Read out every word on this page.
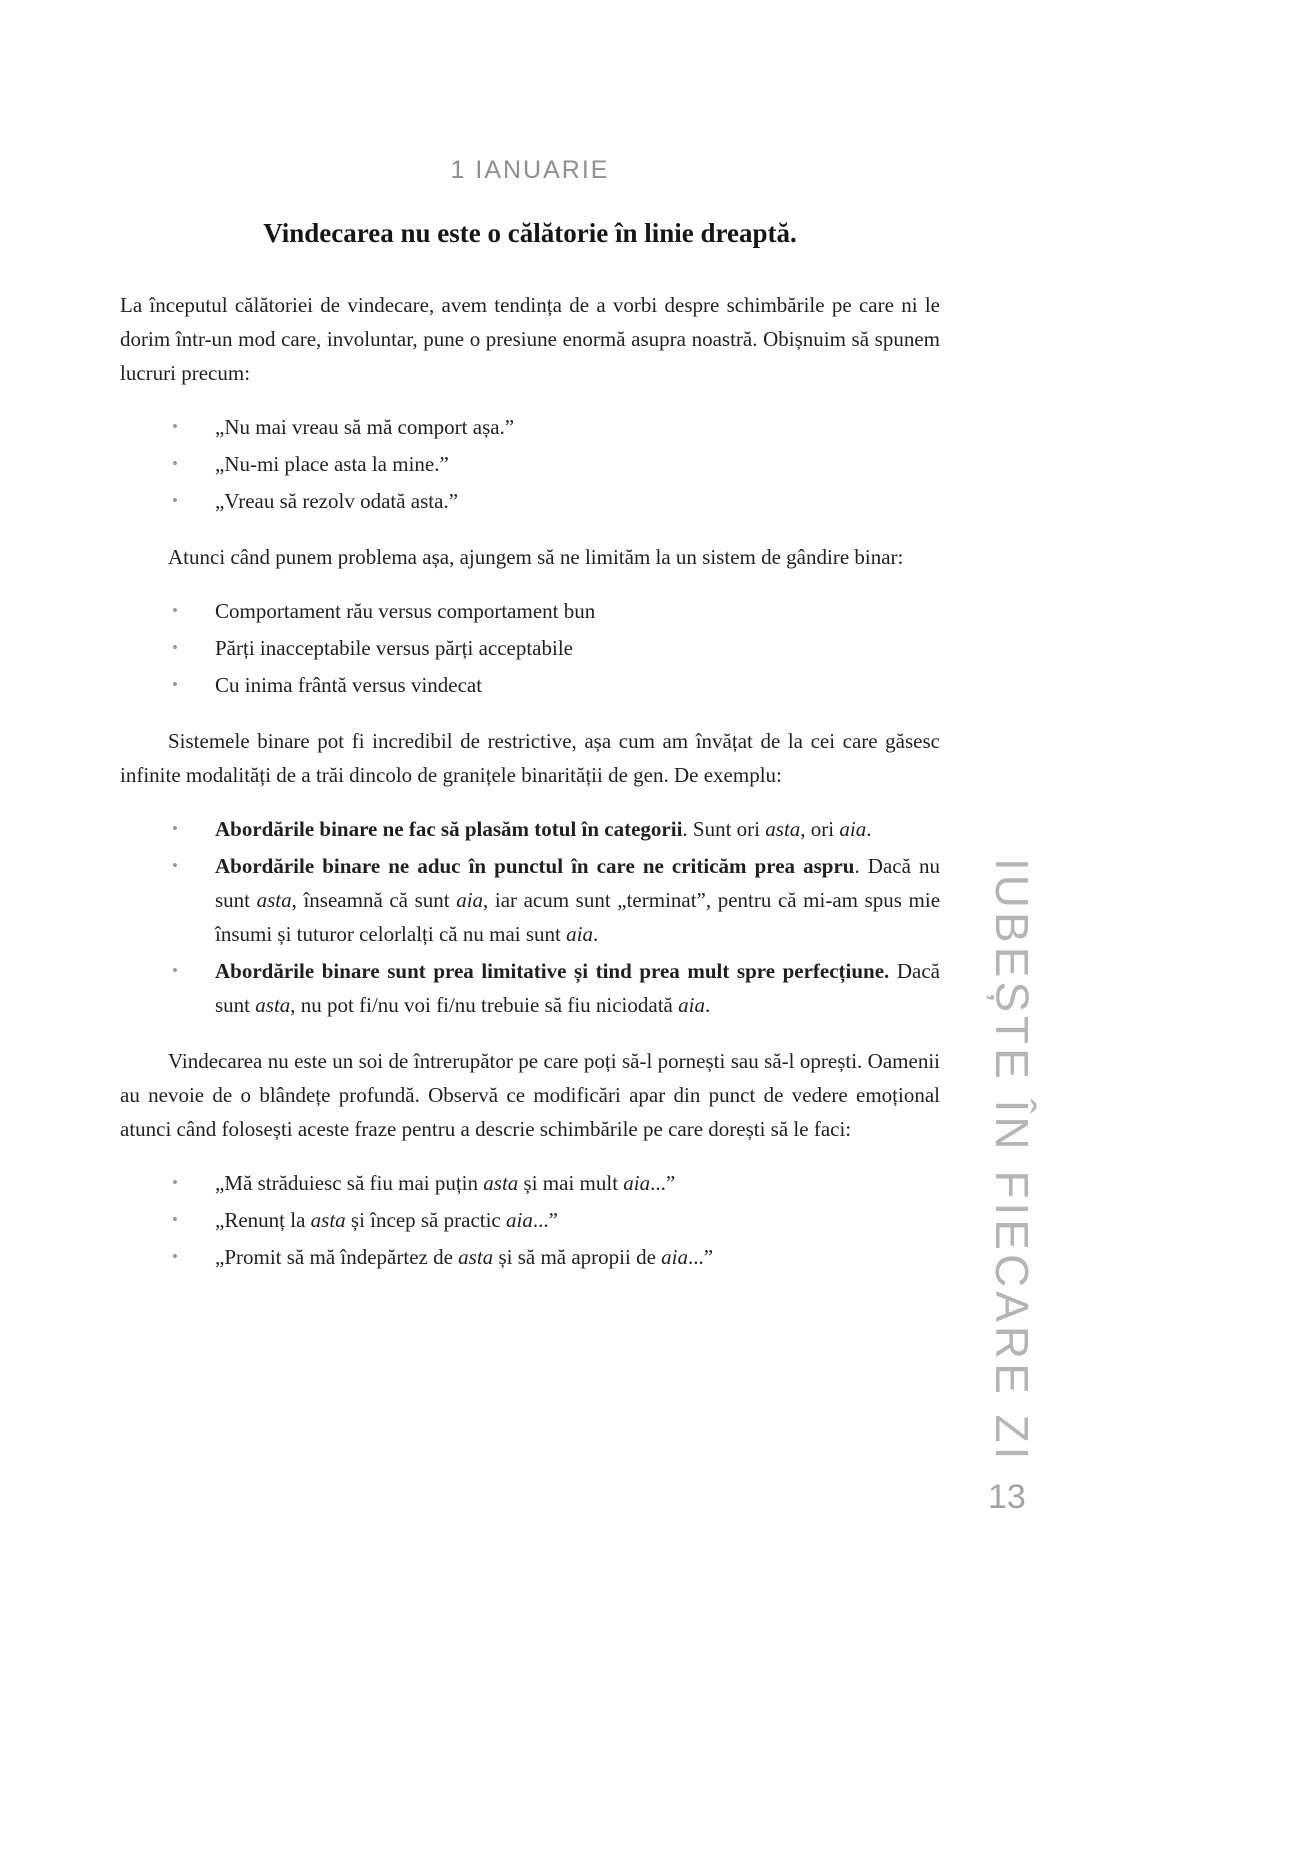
1 IANUARIE
Vindecarea nu este o călătorie în linie dreaptă.

La începutul călătoriei de vindecare, avem tendința de a vorbi despre schimbările pe care ni le dorim într-un mod care, involuntar, pune o presiune enormă asupra noastră. Obișnuim să spunem lucruri precum:

• „Nu mai vreau să mă comport așa.”
• „Nu-mi place asta la mine.”
• „Vreau să rezolv odată asta.”

Atunci când punem problema așa, ajungem să ne limităm la un sistem de gândire binar:

• Comportament rău versus comportament bun
• Părți inacceptabile versus părți acceptabile
• Cu inima frântă versus vindecat

Sistemele binare pot fi incredibil de restrictive, așa cum am învățat de la cei care găsesc infinite modalități de a trăi dincolo de granițele binarității de gen. De exemplu:

• Abordările binare ne fac să plasăm totul în categorii. Sunt ori asta, ori aia.
• Abordările binare ne aduc în punctul în care ne criticăm prea aspru. Dacă nu sunt asta, înseamnă că sunt aia, iar acum sunt „terminat”, pentru că mi-am spus mie însumi și tuturor celorlalți că nu mai sunt aia.
• Abordările binare sunt prea limitative și tind prea mult spre perfecțiune. Dacă sunt asta, nu pot fi/nu voi fi/nu trebuie să fiu niciodată aia.

Vindecarea nu este un soi de întrerupător pe care poți să-l pornești sau să-l oprești. Oamenii au nevoie de o blândețe profundă. Observă ce modificări apar din punct de vedere emoțional atunci când folosești aceste fraze pentru a descrie schimbările pe care dorești să le faci:

• „Mă străduiesc să fiu mai puțin asta și mai mult aia...”
• „Renunț la asta și încep să practic aia...”
• „Promit să mă îndepărtez de asta și să mă apropii de aia...”	IUBEȘTE ÎN FIECARE ZI
13
